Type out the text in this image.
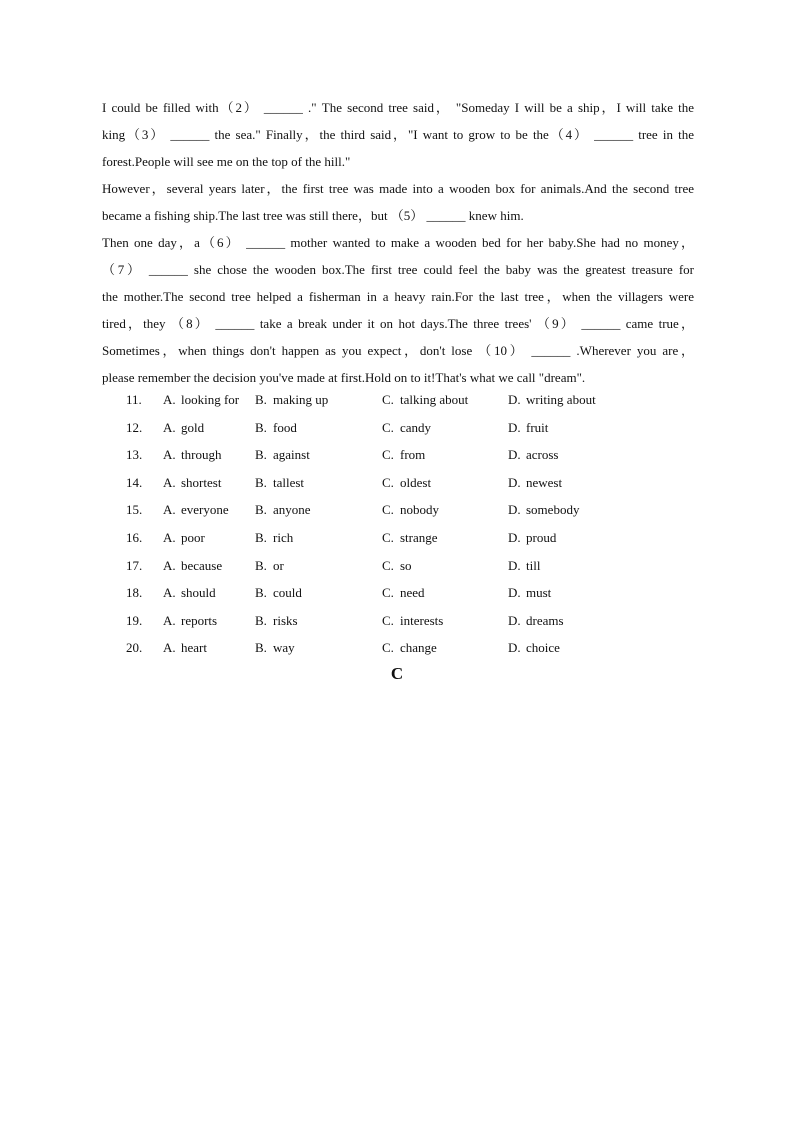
I could be filled with（2） ______ ." The second tree said， "Someday I will be a ship，I will take the
king（3） ______ the sea." Finally，the third said，"I want to grow to be the（4） ______ tree in the
forest.People will see me on the top of the hill."
However，several years later，the first tree was made into a wooden box for animals.And the second tree
became a fishing ship.The last tree was still there，but （5） ______ knew him.
Then one day，a（6） ______ mother wanted to make a wooden bed for her baby.She had no money，
（7） ______ she chose the wooden box.The first tree could feel the baby was the greatest treasure for
the mother.The second tree helped a fisherman in a heavy rain.For the last tree，when the villagers were
tired，they （8） ______ take a break under it on hot days.The three trees' （9） ______ came true，
Sometimes，when things don't happen as you expect，don't lose （10） ______ .Wherever you are，
please remember the decision you've made at first.Hold on to it!That's what we call "dream".
11.	A. looking for B. making up	C. talking about	D. writing about
12.	A. gold	B. food	C. candy	D. fruit
13.	A. through	B. against	C. from	D. across
14.	A. shortest	B. tallest	C. oldest	D. newest
15.	A. everyone B. anyone	C. nobody	D. somebody
16.	A. poor	B. rich	C. strange	D. proud
17.	A. because	B. or	C. so	D. till
18.	A. should	B. could	C. need	D. must
19.	A. reports	B. risks	C. interests	D. dreams
20.	A. heart	B. way	C. change	D. choice
C
